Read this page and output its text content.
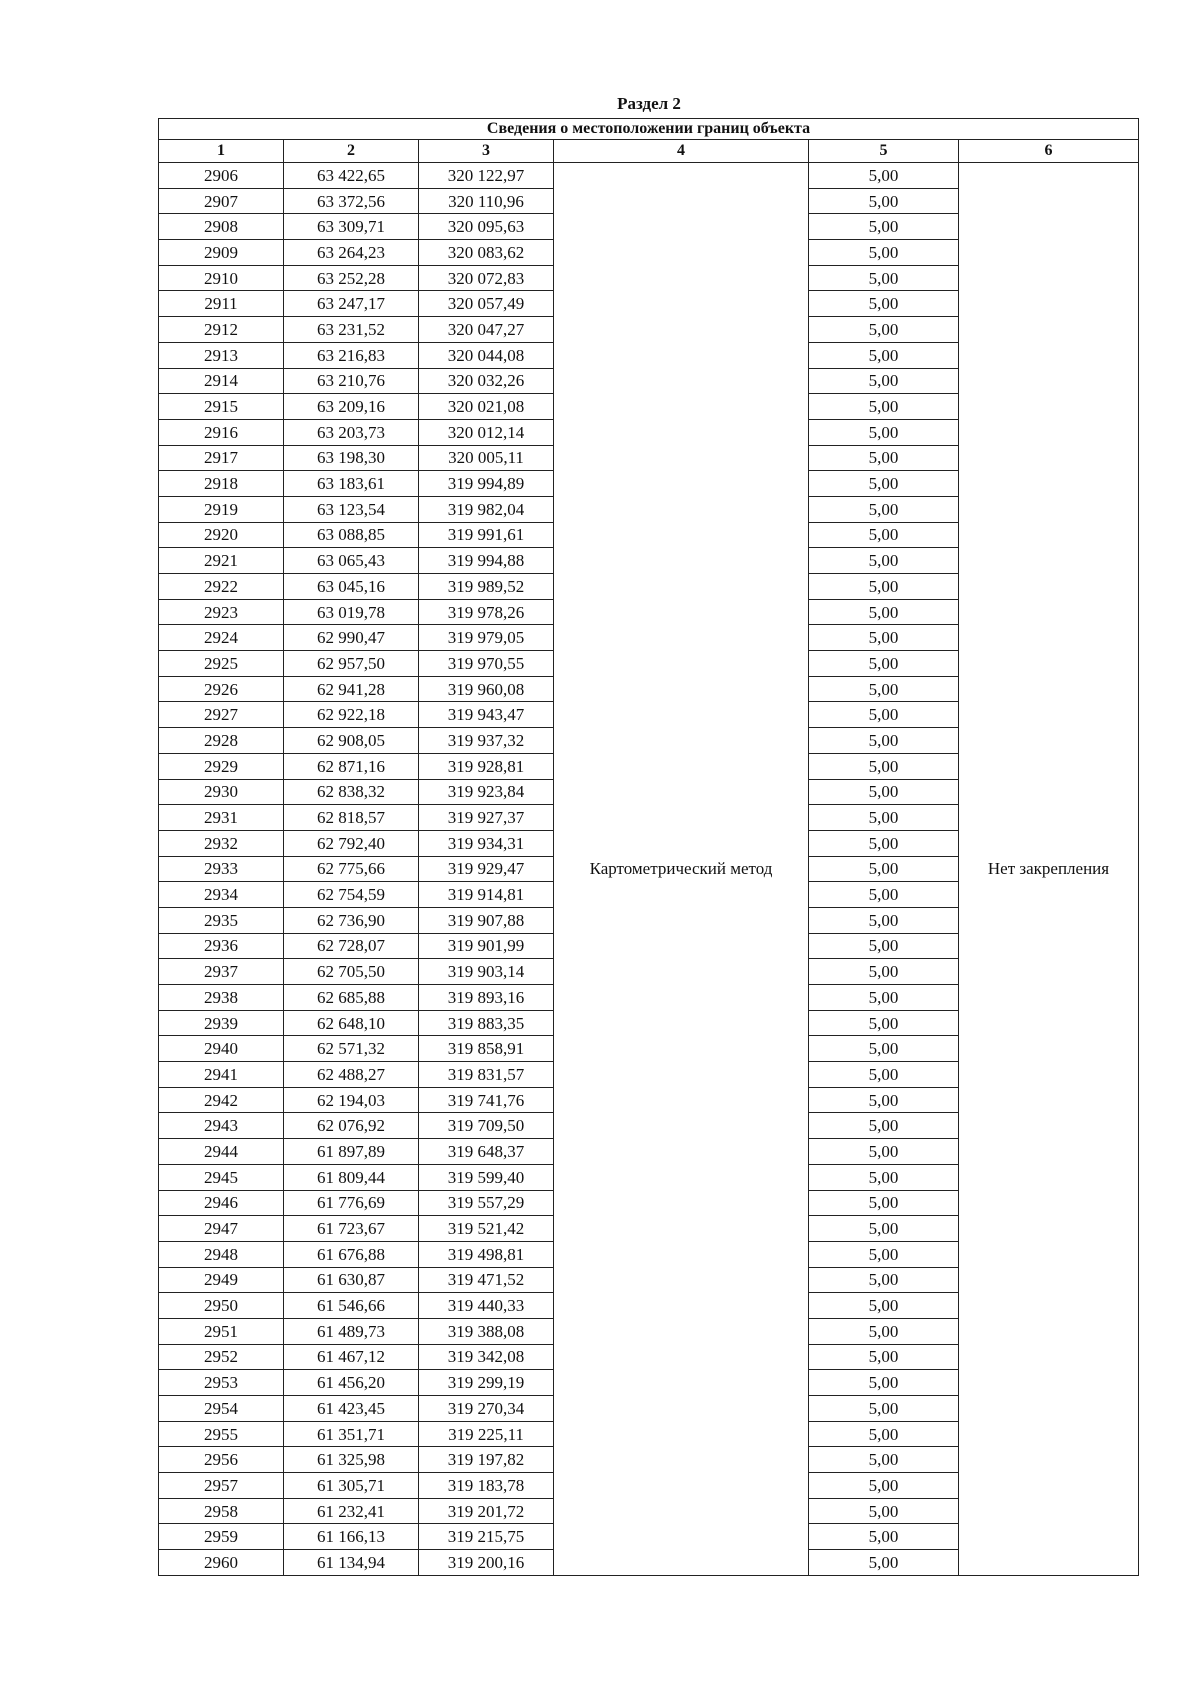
Раздел 2
Сведения о местоположении границ объекта					
1	2	3	4	5	6
2906	63 422,65	320 122,97	Картометрический метод	5,00	Нет закрепления
2907	63 372,56	320 110,96		5,00	
2908	63 309,71	320 095,63		5,00	
2909	63 264,23	320 083,62		5,00	
2910	63 252,28	320 072,83		5,00	
2911	63 247,17	320 057,49		5,00	
2912	63 231,52	320 047,27		5,00	
2913	63 216,83	320 044,08		5,00	
2914	63 210,76	320 032,26		5,00	
2915	63 209,16	320 021,08		5,00	
2916	63 203,73	320 012,14		5,00	
2917	63 198,30	320 005,11		5,00	
2918	63 183,61	319 994,89		5,00	
2919	63 123,54	319 982,04		5,00	
2920	63 088,85	319 991,61		5,00	
2921	63 065,43	319 994,88		5,00	
2922	63 045,16	319 989,52		5,00	
2923	63 019,78	319 978,26		5,00	
2924	62 990,47	319 979,05		5,00	
2925	62 957,50	319 970,55		5,00	
2926	62 941,28	319 960,08		5,00	
2927	62 922,18	319 943,47		5,00	
2928	62 908,05	319 937,32		5,00	
2929	62 871,16	319 928,81		5,00	
2930	62 838,32	319 923,84		5,00	
2931	62 818,57	319 927,37		5,00	
2932	62 792,40	319 934,31		5,00	
2933	62 775,66	319 929,47		5,00	
2934	62 754,59	319 914,81		5,00	
2935	62 736,90	319 907,88		5,00	
2936	62 728,07	319 901,99		5,00	
2937	62 705,50	319 903,14		5,00	
2938	62 685,88	319 893,16		5,00	
2939	62 648,10	319 883,35		5,00	
2940	62 571,32	319 858,91		5,00	
2941	62 488,27	319 831,57		5,00	
2942	62 194,03	319 741,76		5,00	
2943	62 076,92	319 709,50		5,00	
2944	61 897,89	319 648,37		5,00	
2945	61 809,44	319 599,40		5,00	
2946	61 776,69	319 557,29		5,00	
2947	61 723,67	319 521,42		5,00	
2948	61 676,88	319 498,81		5,00	
2949	61 630,87	319 471,52		5,00	
2950	61 546,66	319 440,33		5,00	
2951	61 489,73	319 388,08		5,00	
2952	61 467,12	319 342,08		5,00	
2953	61 456,20	319 299,19		5,00	
2954	61 423,45	319 270,34		5,00	
2955	61 351,71	319 225,11		5,00	
2956	61 325,98	319 197,82		5,00	
2957	61 305,71	319 183,78		5,00	
2958	61 232,41	319 201,72		5,00	
2959	61 166,13	319 215,75		5,00	
2960	61 134,94	319 200,16		5,00	
